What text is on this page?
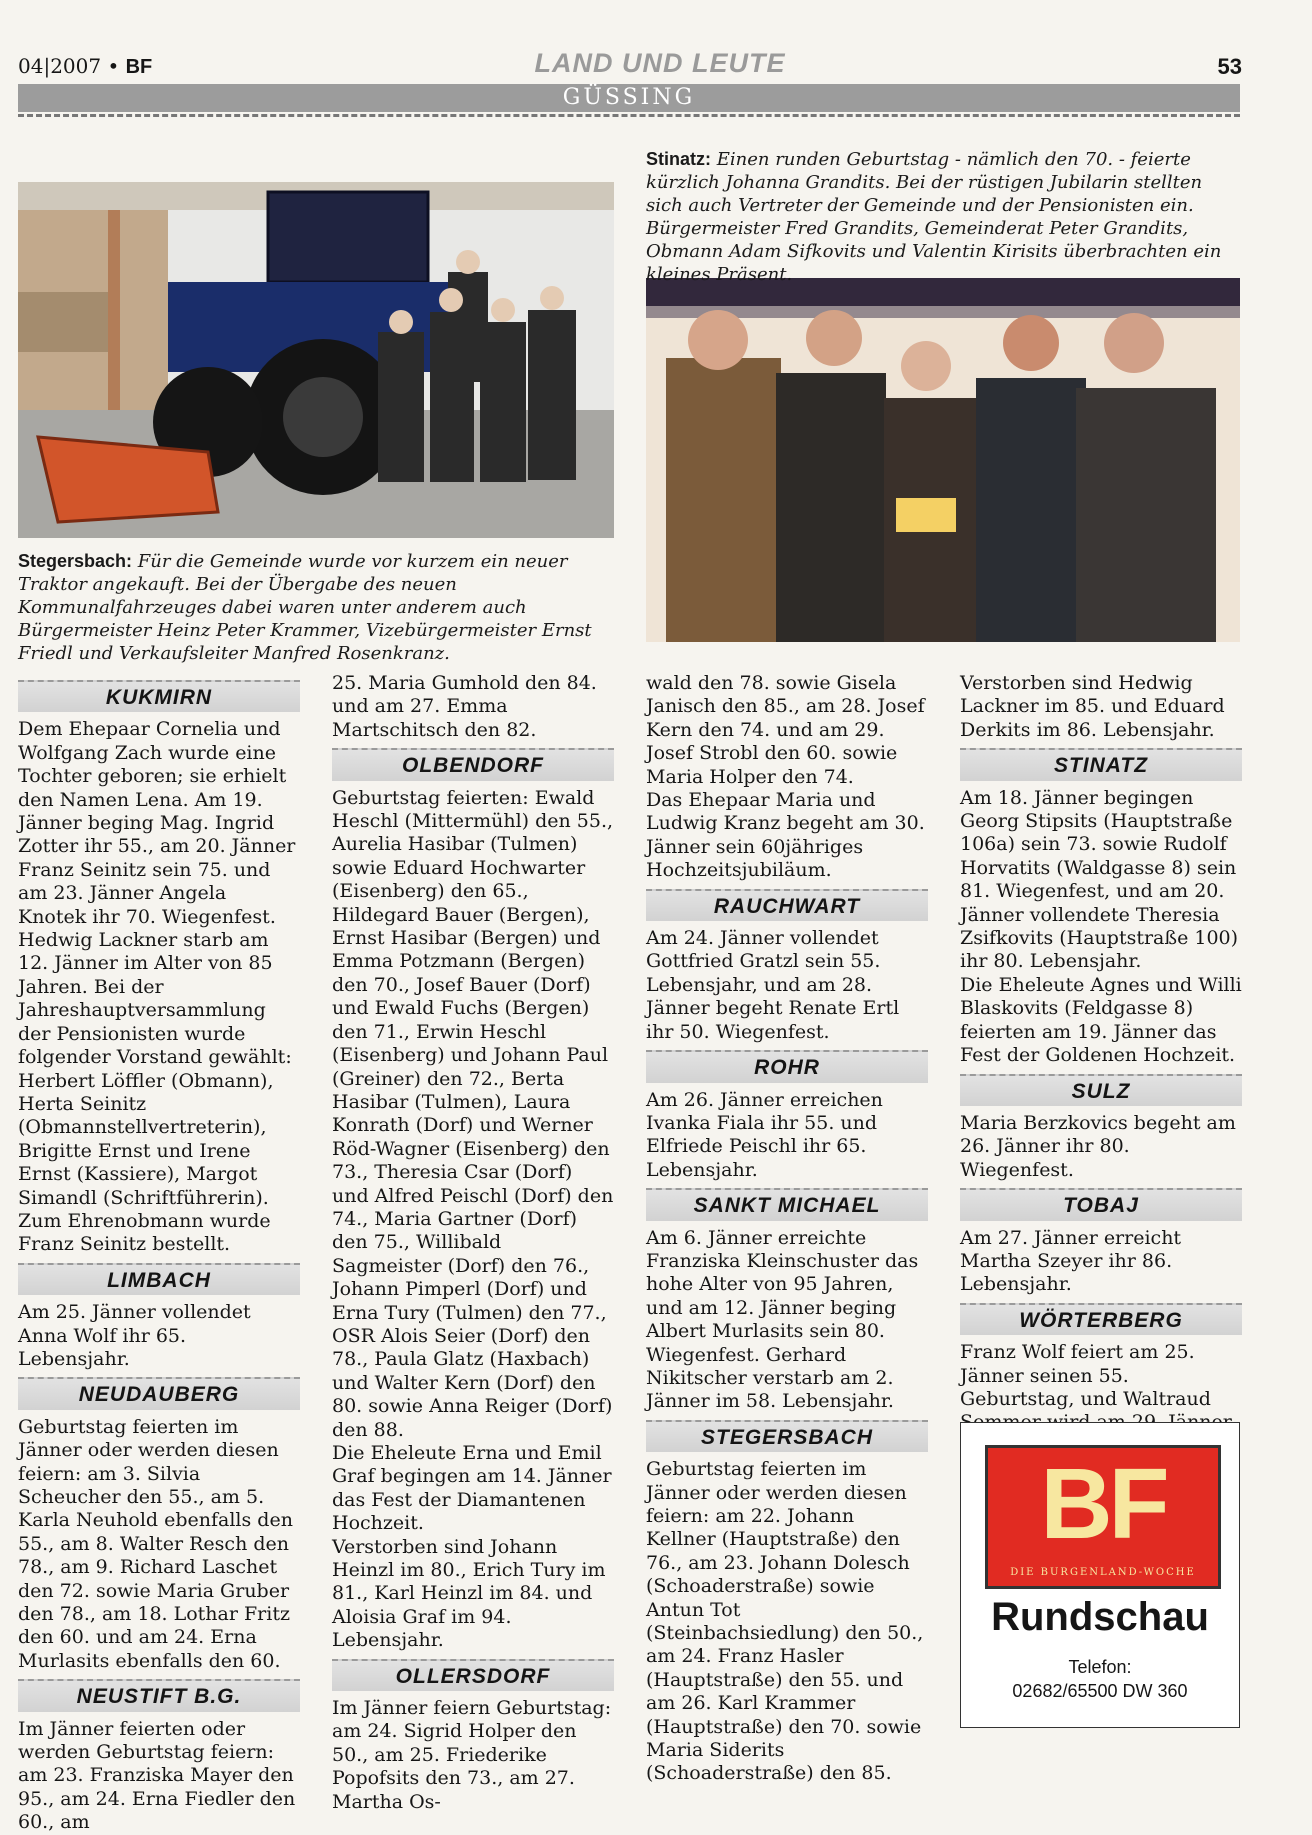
04|2007 • BF	LAND UND LEUTE	53
GÜSSING
Stinatz: Einen runden Geburtstag - nämlich den 70. - feierte kürzlich Johanna Grandits. Bei der rüstigen Jubilarin stellten sich auch Vertreter der Gemeinde und der Pensionisten ein. Bürgermeister Fred Grandits, Gemeinderat Peter Grandits, Obmann Adam Sifkovits und Valentin Kirisits überbrachten ein kleines Präsent.
Stegersbach: Für die Gemeinde wurde vor kurzem ein neuer Traktor angekauft. Bei der Übergabe des neuen Kommunalfahrzeuges dabei waren unter anderem auch Bürgermeister Heinz Peter Krammer, Vizebürgermeister Ernst Friedl und Verkaufsleiter Manfred Rosenkranz.
KUKMIRN

Dem Ehepaar Cornelia und Wolfgang Zach wurde eine Tochter geboren; sie erhielt den Namen Lena. Am 19. Jänner beging Mag. Ingrid Zotter ihr 55., am 20. Jänner Franz Seinitz sein 75. und am 23. Jänner Angela Knotek ihr 70. Wiegenfest. Hedwig Lackner starb am 12. Jänner im Alter von 85 Jahren. Bei der Jahreshauptversammlung der Pensionisten wurde folgender Vorstand gewählt: Herbert Löffler (Obmann), Herta Seinitz (Obmannstellvertreterin), Brigitte Ernst und Irene Ernst (Kassiere), Margot Simandl (Schriftführerin). Zum Ehrenobmann wurde Franz Seinitz bestellt.

LIMBACH

Am 25. Jänner vollendet Anna Wolf ihr 65. Lebensjahr.

NEUDAUBERG

Geburtstag feierten im Jänner oder werden diesen feiern: am 3. Silvia Scheucher den 55., am 5. Karla Neuhold ebenfalls den 55., am 8. Walter Resch den 78., am 9. Richard Laschet den 72. sowie Maria Gruber den 78., am 18. Lothar Fritz den 60. und am 24. Erna Murlasits ebenfalls den 60.

NEUSTIFT B.G.

Im Jänner feierten oder werden Geburtstag feiern: am 23. Franziska Mayer den 95., am 24. Erna Fiedler den 60., am

25. Maria Gumhold den 84. und am 27. Emma Martschitsch den 82.

OLBENDORF

Geburtstag feierten: Ewald Heschl (Mittermühl) den 55., Aurelia Hasibar (Tulmen) sowie Eduard Hochwarter (Eisenberg) den 65., Hildegard Bauer (Bergen), Ernst Hasibar (Bergen) und Emma Potzmann (Bergen) den 70., Josef Bauer (Dorf) und Ewald Fuchs (Bergen) den 71., Erwin Heschl (Eisenberg) und Johann Paul (Greiner) den 72., Berta Hasibar (Tulmen), Laura Konrath (Dorf) und Werner Röd-Wagner (Eisenberg) den 73., Theresia Csar (Dorf) und Alfred Peischl (Dorf) den 74., Maria Gartner (Dorf) den 75., Willibald Sagmeister (Dorf) den 76., Johann Pimperl (Dorf) und Erna Tury (Tulmen) den 77., OSR Alois Seier (Dorf) den 78., Paula Glatz (Haxbach) und Walter Kern (Dorf) den 80. sowie Anna Reiger (Dorf) den 88.

Die Eheleute Erna und Emil Graf begingen am 14. Jänner das Fest der Diamantenen Hochzeit.

Verstorben sind Johann Heinzl im 80., Erich Tury im 81., Karl Heinzl im 84. und Aloisia Graf im 94. Lebensjahr.

OLLERSDORF

Im Jänner feiern Geburtstag: am 24. Sigrid Holper den 50., am 25. Friederike Popofsits den 73., am 27. Martha Os-

wald den 78. sowie Gisela Janisch den 85., am 28. Josef Kern den 74. und am 29. Josef Strobl den 60. sowie Maria Holper den 74.

Das Ehepaar Maria und Ludwig Kranz begeht am 30. Jänner sein 60jähriges Hochzeitsjubiläum.

RAUCHWART

Am 24. Jänner vollendet Gottfried Gratzl sein 55. Lebensjahr, und am 28. Jänner begeht Renate Ertl ihr 50. Wiegenfest.

ROHR

Am 26. Jänner erreichen Ivanka Fiala ihr 55. und Elfriede Peischl ihr 65. Lebensjahr.

SANKT MICHAEL

Am 6. Jänner erreichte Franziska Kleinschuster das hohe Alter von 95 Jahren, und am 12. Jänner beging Albert Murlasits sein 80. Wiegenfest. Gerhard Nikitscher verstarb am 2. Jänner im 58. Lebensjahr.

STEGERSBACH

Geburtstag feierten im Jänner oder werden diesen feiern: am 22. Johann Kellner (Hauptstraße) den 76., am 23. Johann Dolesch (Schoaderstraße) sowie Antun Tot (Steinbachsiedlung) den 50., am 24. Franz Hasler (Hauptstraße) den 55. und am 26. Karl Krammer (Hauptstraße) den 70. sowie Maria Siderits (Schoaderstraße) den 85.

Verstorben sind Hedwig Lackner im 85. und Eduard Derkits im 86. Lebensjahr.

STINATZ

Am 18. Jänner begingen Georg Stipsits (Hauptstraße 106a) sein 73. sowie Rudolf Horvatits (Waldgasse 8) sein 81. Wiegenfest, und am 20. Jänner vollendete Theresia Zsifkovits (Hauptstraße 100) ihr 80. Lebensjahr.

Die Eheleute Agnes und Willi Blaskovits (Feldgasse 8) feierten am 19. Jänner das Fest der Goldenen Hochzeit.

SULZ

Maria Berzkovics begeht am 26. Jänner ihr 80. Wiegenfest.

TOBAJ

Am 27. Jänner erreicht Martha Szeyer ihr 86. Lebensjahr.

WÖRTERBERG

Franz Wolf feiert am 25. Jänner seinen 55. Geburtstag, und Waltraud

BF
DIE BURGENLAND-WOCHE
Rundschau
Telefon:
02682/65500 DW 360
